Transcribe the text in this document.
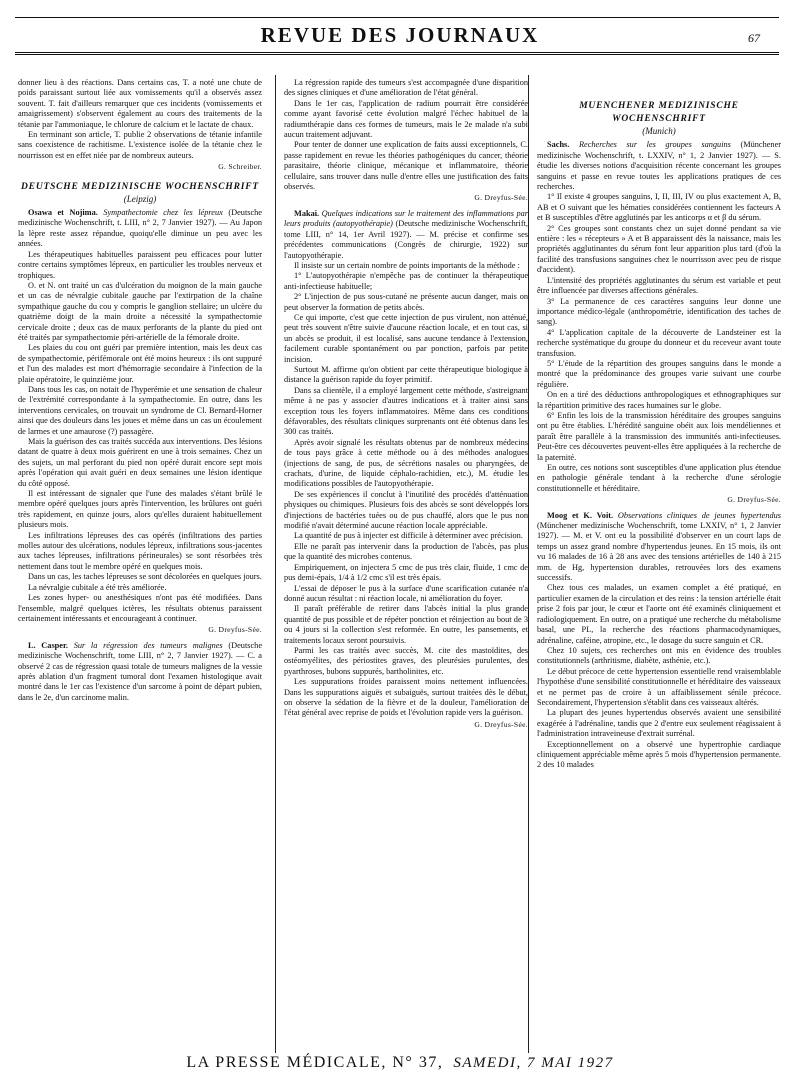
REVUE DES JOURNAUX	67

donner lieu à des réactions. Dans certains cas, T. a noté une chute de poids paraissant surtout liée aux vomissements qu'il a observés assez souvent. T. fait d'ailleurs remarquer que ces incidents (vomissements et amaigrissement) s'observent également au cours des traitements de la tétanie par l'ammoniaque, le chlorure de calcium et le lactate de chaux.

En terminant son article, T. publie 2 observations de tétanie infantile sans coexistence de rachitisme. L'existence isolée de la tétanie chez le nourrisson est en effet niée par de nombreux auteurs.

G. Schreiber.

DEUTSCHE MEDIZINISCHE WOCHENSCHRIFT
(Leipzig)

Osawa et Nojima. Sympathectomie chez les lépreux (Deutsche medizinische Wochenschrift, t. LIII, n° 2, 7 Janvier 1927). — Au Japon la lèpre reste assez répandue, quoiqu'elle diminue un peu avec les années.

Les thérapeutiques habituelles paraissent peu efficaces pour lutter contre certains symptômes lépreux, en particulier les troubles nerveux et trophiques.

O. et N. ont traité un cas d'ulcération du moignon de la main gauche et un cas de névralgie cubitale gauche par l'extirpation de la chaîne sympathique gauche du cou y compris le ganglion stellaire; un ulcère du quatrième doigt de la main droite a nécessité la sympathectomie cervicale droite ; deux cas de maux perforants de la plante du pied ont été traités par sympathectomie péri-artérielle de la fémorale droite.

Les plaies du cou ont guéri par première intention, mais les deux cas de sympathectomie, périfémorale ont été moins heureux : ils ont suppuré et l'un des malades est mort d'hémorragie secondaire à l'infection de la plaie opératoire, le quinzième jour.

Dans tous les cas, on notait de l'hyperémie et une sensation de chaleur de l'extrémité correspondante à la sympathectomie. En outre, dans les interventions cervicales, on trouvait un syndrome de Cl. Bernard-Horner ainsi que des douleurs dans les joues et même dans un cas un écoulement de larmes et une amaurose (?) passagère.

Mais la guérison des cas traités succéda aux interventions. Des lésions datant de quatre à deux mois guérirent en une à trois semaines. Chez un des sujets, un mal perforant du pied non opéré durait encore sept mois après l'opération qui avait guéri en deux semaines une lésion identique du côté opposé.

Il est intéressant de signaler que l'une des malades s'étant brûlé le membre opéré quelques jours après l'intervention, les brûlures ont guéri très rapidement, en quinze jours, alors qu'elles duraient habituellement plusieurs mois.

Les infiltrations lépreuses des cas opérés (infiltrations des parties molles autour des ulcérations, nodules lépreux, infiltrations sous-jacentes aux taches lépreuses, infiltrations périneurales) se sont résorbées très nettement dans tout le membre opéré en quelques mois.

Dans un cas, les taches lépreuses se sont décolorées en quelques jours.

La névralgie cubitale a été très améliorée.

Les zones hyper- ou anesthésiques n'ont pas été modifiées. Dans l'ensemble, malgré quelques ictères, les résultats obtenus paraissent certainement intéressants et encourageant à continuer.

G. Dreyfus-Sée.

L. Casper. Sur la régression des tumeurs malignes (Deutsche medizinische Wochenschrift, tome LIII, n° 2, 7 Janvier 1927). — C. a observé 2 cas de régression quasi totale de tumeurs malignes de la vessie après ablation d'un fragment tumoral dont l'examen histologique avait montré dans le 1er cas l'existence d'un sarcome à point de départ pubien, dans le 2e, d'un carcinome malin.

La régression rapide des tumeurs s'est accompagnée d'une disparition des signes cliniques et d'une amélioration de l'état général.

Dans le 1er cas, l'application de radium pourrait être considérée comme ayant favorisé cette évolution malgré l'échec habituel de la radiumthérapie dans ces formes de tumeurs, mais le 2e malade n'a subi aucun traitement adjuvant.

Pour tenter de donner une explication de faits aussi exceptionnels, C. passe rapidement en revue les théories pathogéniques du cancer, théorie parasitaire, théorie clinique, mécanique et inflammatoire, théorie cellulaire, sans trouver dans nulle d'entre elles une justification des faits observés.

G. Dreyfus-Sée.

Makai. Quelques indications sur le traitement des inflammations par leurs produits (autopyothérapie) (Deutsche medizinische Wochenschrift, tome LIII, n° 14, 1er Avril 1927). — M. précise et confirme ses précédentes communications (Congrès de chirurgie, 1922) sur l'autopyothérapie.

Il insiste sur un certain nombre de points importants de la méthode :

1° L'autopyothérapie n'empêche pas de continuer la thérapeutique anti-infectieuse habituelle;

2° L'injection de pus sous-cutané ne présente aucun danger, mais on peut observer la formation de petits abcès.

Ce qui importe, c'est que cette injection de pus virulent, non atténué, peut très souvent n'être suivie d'aucune réaction locale, et en tout cas, si un abcès se produit, il est localisé, sans aucune tendance à l'extension, facilement curable spontanément ou par ponction, parfois par petite incision.

Surtout M. affirme qu'on obtient par cette thérapeutique biologique à distance la guérison rapide du foyer primitif.

Dans sa clientèle, il a employé largement cette méthode, s'astreignant même à ne pas y associer d'autres indications et à traiter ainsi sans exception tous les foyers inflammatoires. Même dans ces conditions défavorables, des résultats cliniques surprenants ont été obtenus dans les 300 cas traités.

Après avoir signalé les résultats obtenus par de nombreux médecins de tous pays grâce à cette méthode ou à des méthodes analogues (injections de sang, de pus, de sécrétions nasales ou pharyngées, de crachats, d'urine, de liquide céphalo-rachidien, etc.), M. étudie les modifications possibles de l'autopyothérapie.

De ses expériences il conclut à l'inutilité des procédés d'atténuation physiques ou chimiques. Plusieurs fois des abcès se sont développés lors d'injections de bactéries tuées ou de pus chauffé, alors que le pus non modifié n'avait déterminé aucune réaction locale appréciable.

La quantité de pus à injecter est difficile à déterminer avec précision.

Elle ne paraît pas intervenir dans la production de l'abcès, pas plus que la quantité des microbes contenus.

Empiriquement, on injectera 5 cmc de pus très clair, fluide, 1 cmc de pus demi-épais, 1/4 à 1/2 cmc s'il est très épais.

L'essai de déposer le pus à la surface d'une scarification cutanée n'a donné aucun résultat : ni réaction locale, ni amélioration du foyer.

Il paraît préférable de retirer dans l'abcès initial la plus grande quantité de pus possible et de répéter ponction et réinjection au bout de 3 ou 4 jours si la collection s'est reformée. En outre, les pansements, et traitements locaux seront poursuivis.

Parmi les cas traités avec succès, M. cite des mastoïdites, des ostéomyélites, des périostites graves, des pleurésies purulentes, des pyarthroses, bubons suppurés, bartholinites, etc.

Les suppurations froides paraissent moins nettement influencées. Dans les suppurations aiguës et subaiguës, surtout traitées dès le début, on observe la sédation de la fièvre et de la douleur, l'amélioration de l'état général avec reprise de poids et l'évolution rapide vers la guérison.

G. Dreyfus-Sée.

MUENCHENER MEDIZINISCHE WOCHENSCHRIFT
(Munich)

Sachs. Recherches sur les groupes sanguins (Münchener medizinische Wochenschrift, t. LXXIV, n° 1, 2 Janvier 1927). — S. étudie les diverses notions d'acquisition récente concernant les groupes sanguins et passe en revue toutes les applications pratiques de ces recherches.

1° Il existe 4 groupes sanguins, I, II, III, IV ou plus exactement A, B, AB et O suivant que les hématies considérées contiennent les facteurs A et B susceptibles d'être agglutinés par les anticorps α et β du sérum.

2° Ces groupes sont constants chez un sujet donné pendant sa vie entière : les « récepteurs » A et B apparaissent dès la naissance, mais les propriétés agglutinantes du sérum font leur apparition plus tard (d'où la facilité des transfusions sanguines chez le nourrisson avec peu de risque d'accident).

L'intensité des propriétés agglutinantes du sérum est variable et peut être influencée par diverses affections générales.

3° La permanence de ces caractères sanguins leur donne une importance médico-légale (anthropométrie, identification des taches de sang).

4° L'application capitale de la découverte de Landsteiner est la recherche systématique du groupe du donneur et du receveur avant toute transfusion.

5° L'étude de la répartition des groupes sanguins dans le monde a montré que la prédominance des groupes varie suivant une courbe régulière.

On en a tiré des déductions anthropologiques et ethnographiques sur la répartition primitive des races humaines sur le globe.

6° Enfin les lois de la transmission héréditaire des groupes sanguins ont pu être établies. L'hérédité sanguine obéit aux lois mendéliennes et paraît être parallèle à la transmission des immunités anti-infectieuses. Peut-être ces découvertes peuvent-elles être appliquées à la recherche de la paternité.

En outre, ces notions sont susceptibles d'une application plus étendue en pathologie générale tendant à la recherche d'une sérologie constitutionnelle et héréditaire.

G. Dreyfus-Sée.

Moog et K. Voit. Observations cliniques de jeunes hypertendus (Münchener medizinische Wochenschrift, tome LXXIV, n° 1, 2 Janvier 1927). — M. et V. ont eu la possibilité d'observer en un court laps de temps un assez grand nombre d'hypertendus jeunes. En 15 mois, ils ont vu 16 malades de 16 à 28 ans avec des tensions artérielles de 140 à 215 mm. de Hg, hypertension durables, retrouvées lors des examens successifs.

Chez tous ces malades, un examen complet a été pratiqué, en particulier examen de la circulation et des reins : la tension artérielle était prise 2 fois par jour, le cœur et l'aorte ont été examinés cliniquement et radiologiquement. En outre, on a pratiqué une recherche du métabolisme basal, une PL, la recherche des réactions pharmacodynamiques, adrénaline, caféine, atropine, etc., le dosage du sucre sanguin et CR.

Chez 10 sujets, ces recherches ont mis en évidence des troubles constitutionnels (arthritisme, diabète, asthénie, etc.).

Le début précoce de cette hypertension essentielle rend vraisemblable l'hypothèse d'une sensibilité constitutionnelle et héréditaire des vaisseaux et ne permet pas de croire à un affaiblissement sénile précoce. Secondairement, l'hypertension s'établit dans ces vaisseaux altérés.

La plupart des jeunes hypertendus observés avaient une sensibilité exagérée à l'adrénaline, tandis que 2 d'entre eux seulement réagissaient à l'administration intraveineuse d'extrait surrénal.

Exceptionnellement on a observé une hypertrophie cardiaque cliniquement appréciable même après 5 mois d'hypertension permanente. 2 des 10 malades

LA PRESSE MÉDICALE, N° 37, SAMEDI, 7 MAI 1927
